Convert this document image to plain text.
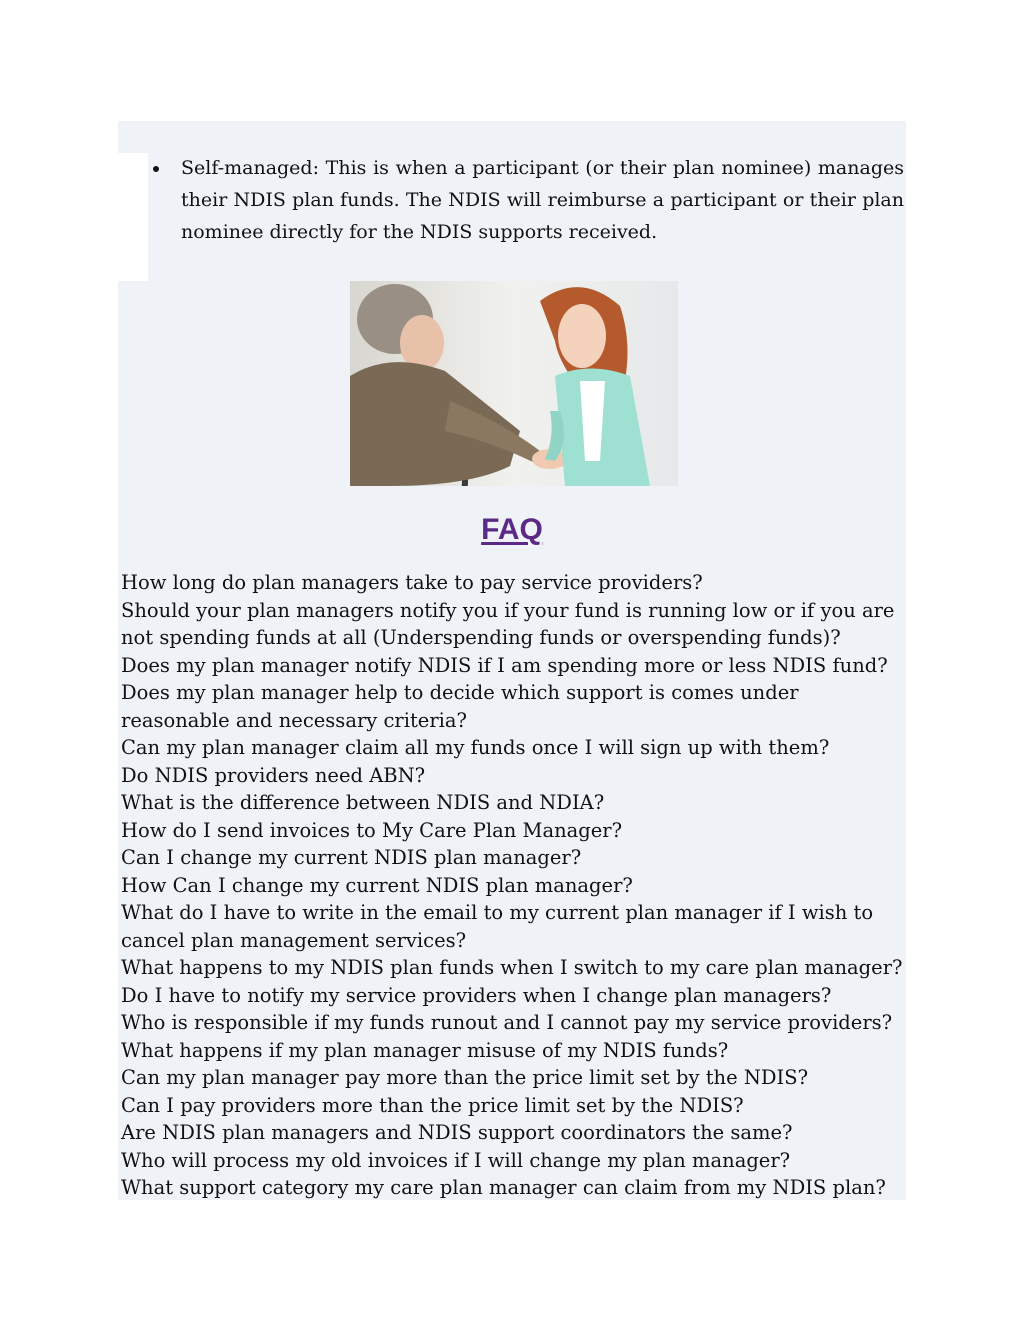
Self-managed: This is when a participant (or their plan nominee) manages their NDIS plan funds. The NDIS will reimburse a participant or their plan nominee directly for the NDIS supports received.
FAQ
How long do plan managers take to pay service providers?
Should your plan managers notify you if your fund is running low or if you are not spending funds at all (Underspending funds or overspending funds)?
Does my plan manager notify NDIS if I am spending more or less NDIS fund?
Does my plan manager help to decide which support is comes under reasonable and necessary criteria?
Can my plan manager claim all my funds once I will sign up with them?
Do NDIS providers need ABN?
What is the difference between NDIS and NDIA?
How do I send invoices to My Care Plan Manager?
Can I change my current NDIS plan manager?
How Can I change my current NDIS plan manager?
What do I have to write in the email to my current plan manager if I wish to cancel plan management services?
What happens to my NDIS plan funds when I switch to my care plan manager?
Do I have to notify my service providers when I change plan managers?
Who is responsible if my funds runout and I cannot pay my service providers?
What happens if my plan manager misuse of my NDIS funds?
Can my plan manager pay more than the price limit set by the NDIS?
Can I pay providers more than the price limit set by the NDIS?
Are NDIS plan managers and NDIS support coordinators the same?
Who will process my old invoices if I will change my plan manager?
What support category my care plan manager can claim from my NDIS plan?
